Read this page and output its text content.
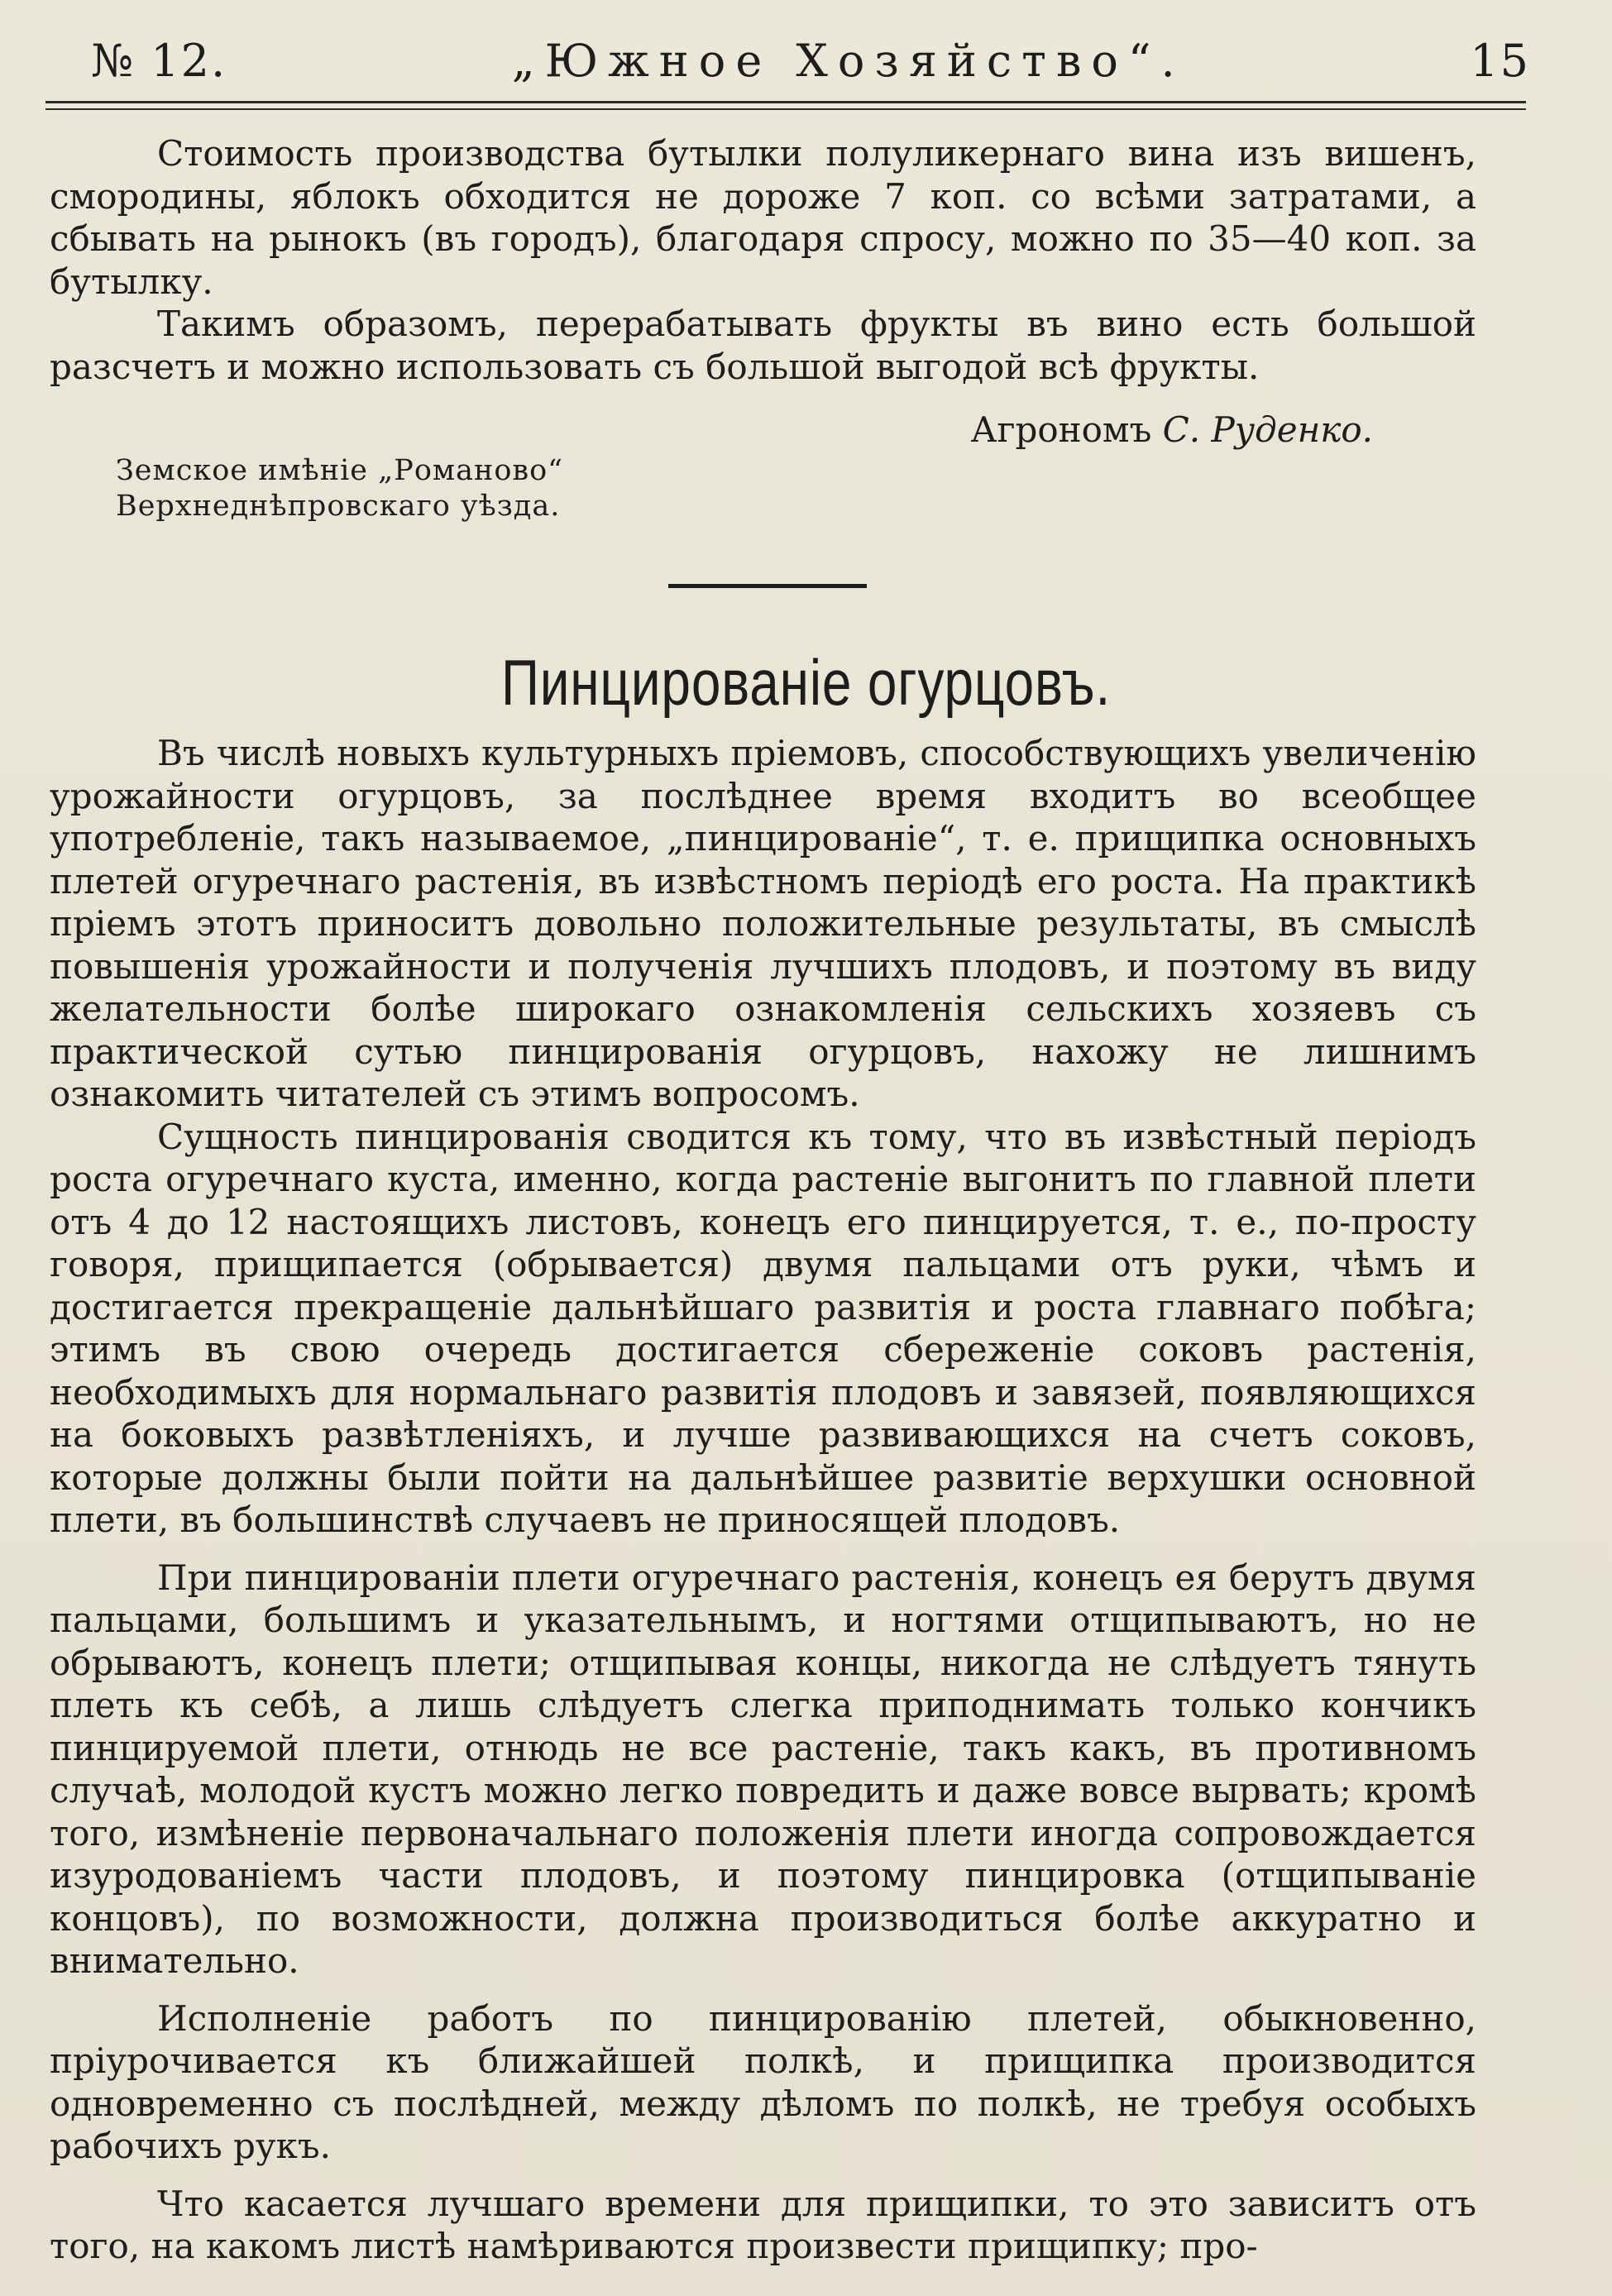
№ 12.	„Южное Хозяйство“.	15

Стоимость производства бутылки полуликернаго вина изъ вишенъ, смородины, яблокъ обходится не дороже 7 коп. со всѣми затратами, а сбывать на рынокъ (въ городъ), благодаря спросу, можно по 35—40 коп. за бутылку.

Такимъ образомъ, перерабатывать фрукты въ вино есть большой разсчетъ и можно использовать съ большой выгодой всѣ фрукты.

Агрономъ С. Руденко.
Земское имѣніе „Романово“
Верхнеднѣпровскаго уѣзда.
Пинцированіе огурцовъ.

Въ числѣ новыхъ культурныхъ пріемовъ, способствующихъ увеличенію урожайности огурцовъ, за послѣднее время входитъ во всеобщее употребленіе, такъ называемое, „пинцированіе“, т. е. прищипка основныхъ плетей огуречнаго растенія, въ извѣстномъ періодѣ его роста. На практикѣ пріемъ этотъ приноситъ довольно положительные результаты, въ смыслѣ повышенія урожайности и полученія лучшихъ плодовъ, и поэтому въ виду желательности болѣе широкаго ознакомленія сельскихъ хозяевъ съ практической сутью пинцированія огурцовъ, нахожу не лишнимъ ознакомить читателей съ этимъ вопросомъ.

Сущность пинцированія сводится къ тому, что въ извѣстный періодъ роста огуречнаго куста, именно, когда растеніе выгонитъ по главной плети отъ 4 до 12 настоящихъ листовъ, конецъ его пинцируется, т. е., по-просту говоря, прищипается (обрывается) двумя пальцами отъ руки, чѣмъ и достигается прекращеніе дальнѣйшаго развитія и роста главнаго побѣга; этимъ въ свою очередь достигается сбереженіе соковъ растенія, необходимыхъ для нормальнаго развитія плодовъ и завязей, появляющихся на боковыхъ развѣтленіяхъ, и лучше развивающихся на счетъ соковъ, которые должны были пойти на дальнѣйшее развитіе верхушки основной плети, въ большинствѣ случаевъ не приносящей плодовъ.

При пинцированіи плети огуречнаго растенія, конецъ ея берутъ двумя пальцами, большимъ и указательнымъ, и ногтями отщипываютъ, но не обрываютъ, конецъ плети; отщипывая концы, никогда не слѣдуетъ тянуть плеть къ себѣ, а лишь слѣдуетъ слегка приподнимать только кончикъ пинцируемой плети, отнюдь не все растеніе, такъ какъ, въ противномъ случаѣ, молодой кустъ можно легко повредить и даже вовсе вырвать; кромѣ того, измѣненіе первоначальнаго положенія плети иногда сопровождается изуродованіемъ части плодовъ, и поэтому пинцировка (отщипываніе концовъ), по возможности, должна производиться болѣе аккуратно и внимательно.

Исполненіе работъ по пинцированію плетей, обыкновенно, пріурочивается къ ближайшей полкѣ, и прищипка производится одновременно съ послѣдней, между дѣломъ по полкѣ, не требуя особыхъ рабочихъ рукъ.

Что касается лучшаго времени для прищипки, то это зависитъ отъ того, на какомъ листѣ намѣриваются произвести прищипку; про-
